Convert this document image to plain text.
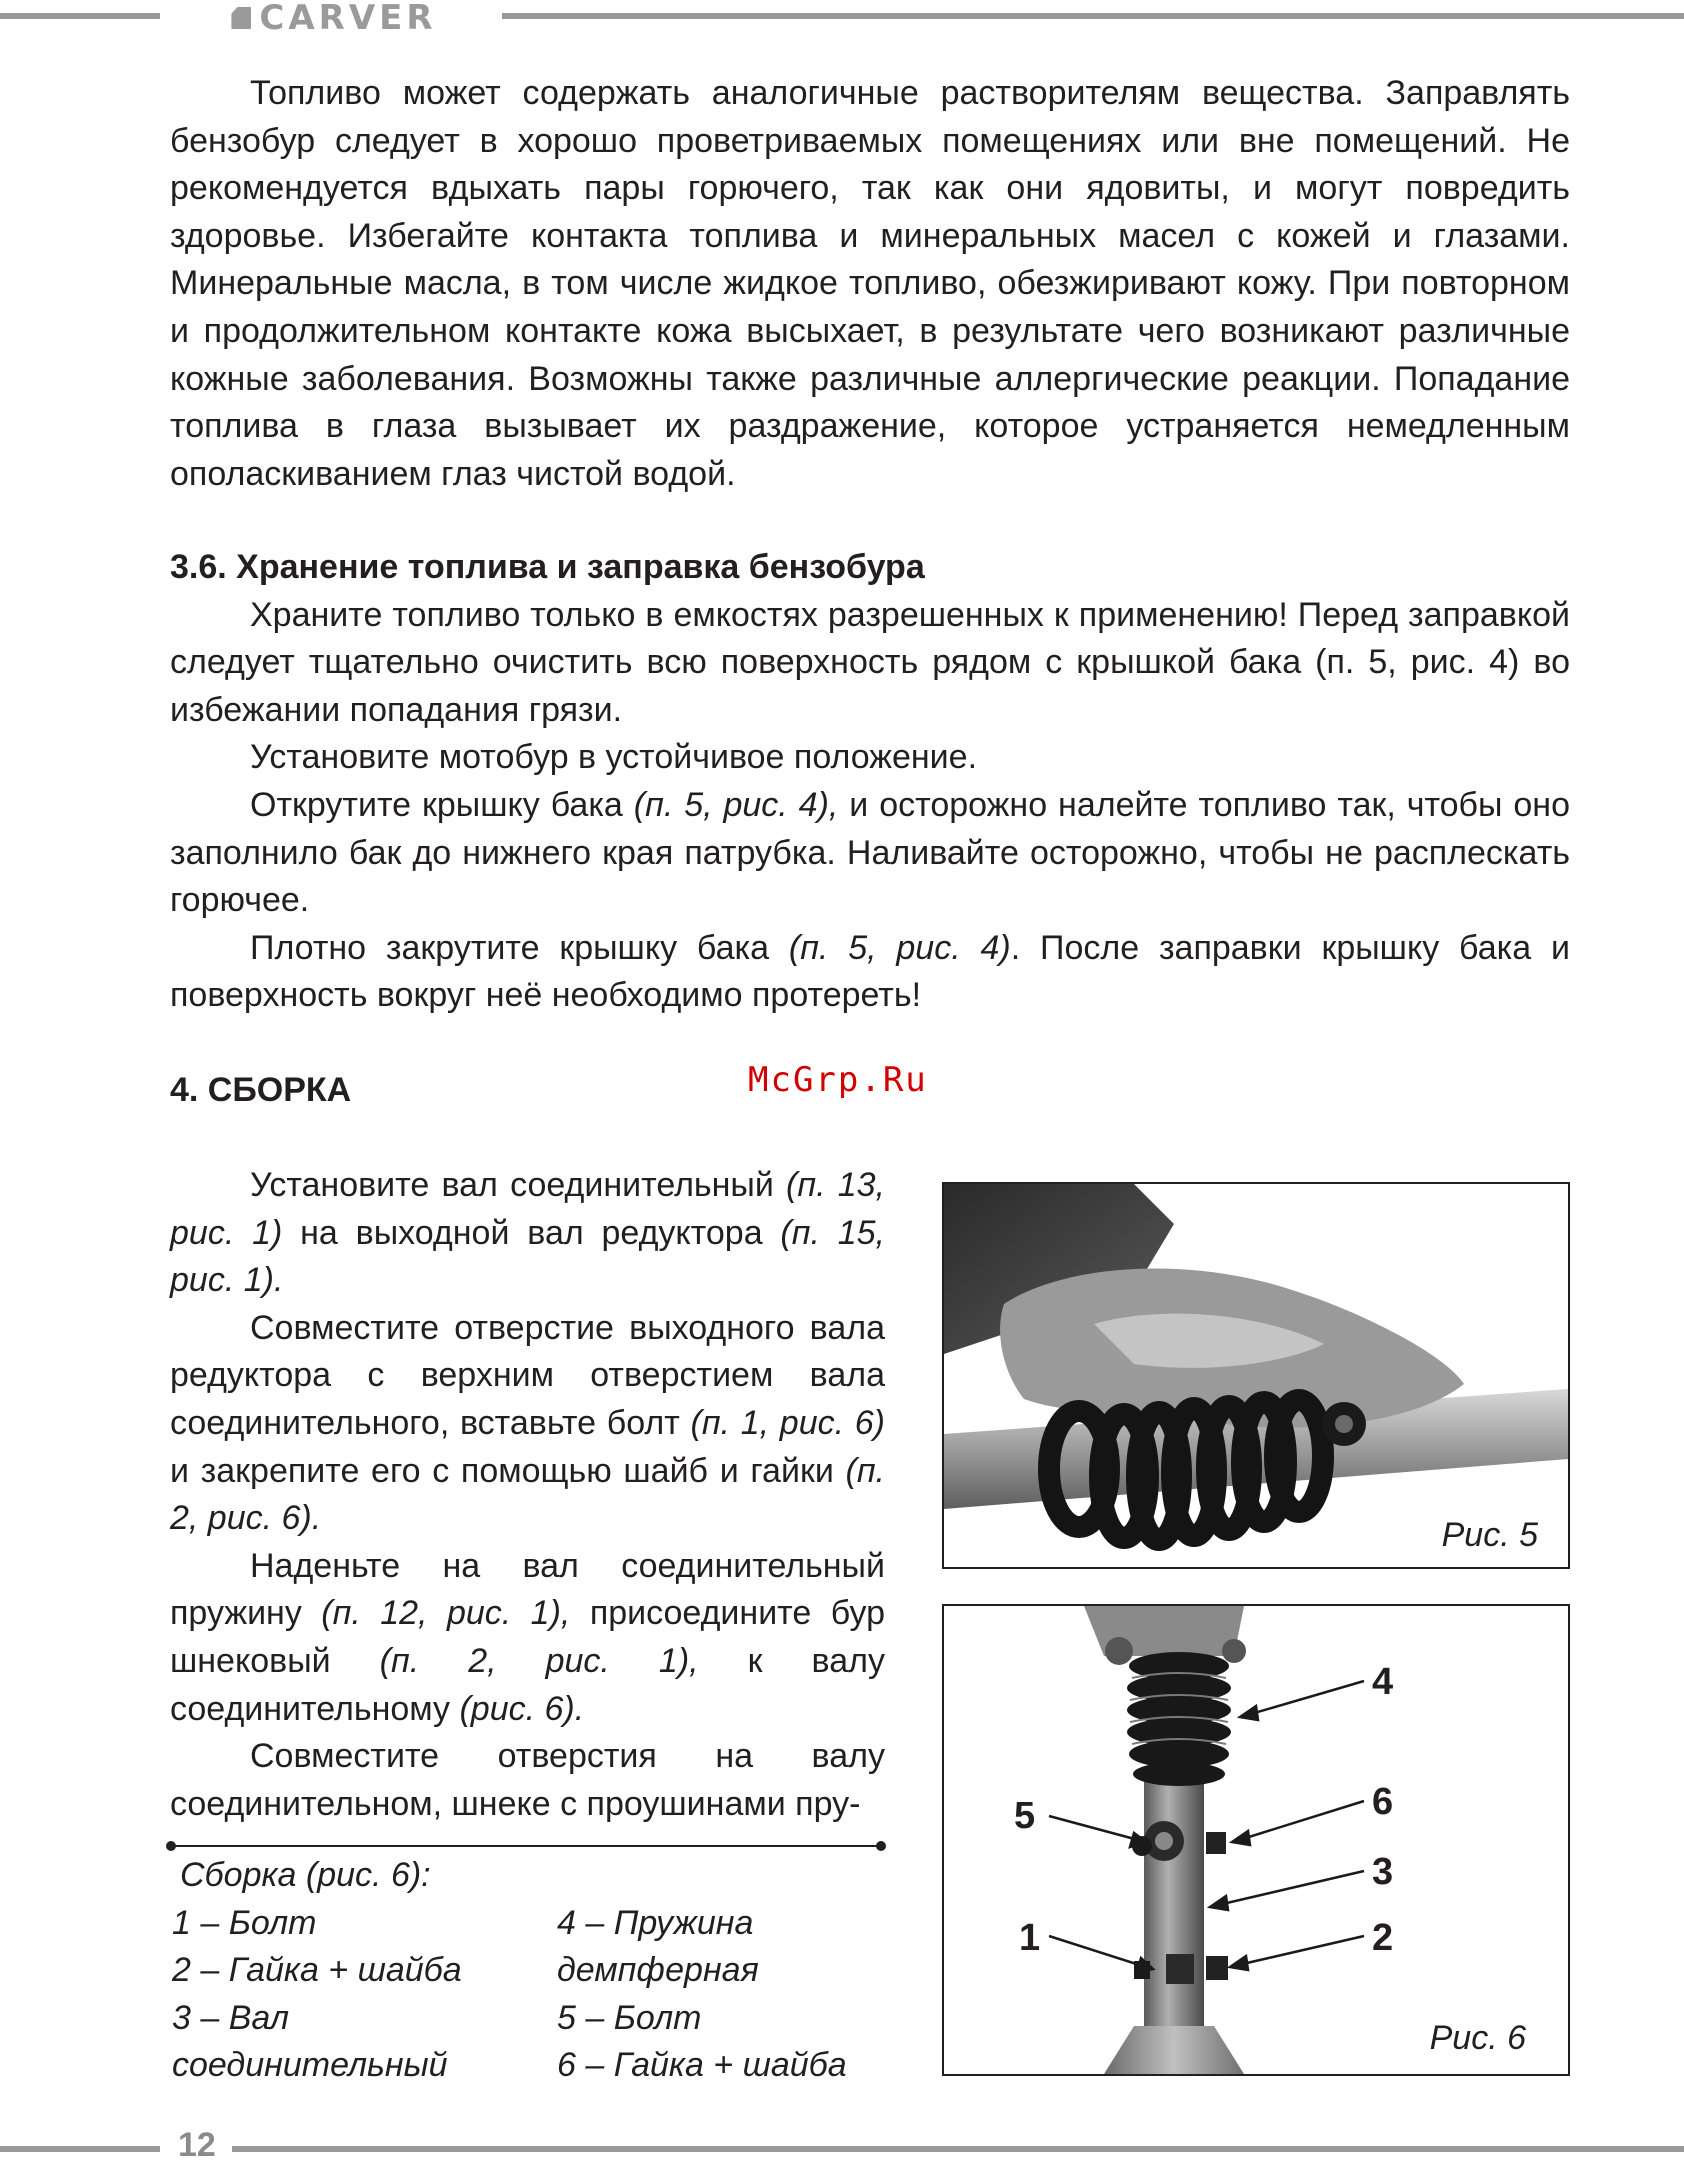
CARVER

Топливо может содержать аналогичные растворителям вещества. Заправлять бензобур следует в хорошо проветриваемых помещениях или вне помещений. Не рекомендуется вдыхать пары горючего, так как они ядовиты, и могут повредить здоровье. Избегайте контакта топлива и минеральных масел с кожей и глазами. Минеральные масла, в том числе жидкое топливо, обезжиривают кожу. При повторном и продолжительном контакте кожа высыхает, в результате чего возникают различные кожные заболевания. Возможны также различные аллергические реакции. Попадание топлива в глаза вызывает их раздражение, которое устраняется немедленным ополаскиванием глаз чистой водой.

3.6. Хранение топлива и заправка бензобура

Храните топливо только в емкостях разрешенных к применению! Перед заправкой следует тщательно очистить всю поверхность рядом с крышкой бака (п. 5, рис. 4) во избежании попадания грязи.

Установите мотобур в устойчивое положение.

Открутите крышку бака (п. 5, рис. 4), и осторожно налейте топливо так, чтобы оно заполнило бак до нижнего края патрубка. Наливайте осторожно, чтобы не расплескать горючее.

Плотно закрутите крышку бака (п. 5, рис. 4). После заправки крышку бака и поверхность вокруг неё необходимо протереть!

4. СБОРКА	McGrp.Ru

Установите вал соединительный (п. 13, рис. 1) на выходной вал редуктора (п. 15, рис. 1).

Совместите отверстие выходного вала редуктора с верхним отверстием вала соединительного, вставьте болт (п. 1, рис. 6) и закрепите его с помощью шайб и гайки (п. 2, рис. 6).

Наденьте на вал соединительный пружину (п. 12, рис. 1), присоедините бур шнековый (п. 2, рис. 1), к валу соединительному (рис. 6).

Совместите отверстия на валу соединительном, шнеке с проушинами пру-

Сборка (рис. 6):
1 – Болт
2 – Гайка + шайба
3 – Вал
соединительный
4 – Пружина
демпферная
5 – Болт
6 – Гайка + шайба
Рис. 5
4
6
5
3
1	2
Рис. 6
12
